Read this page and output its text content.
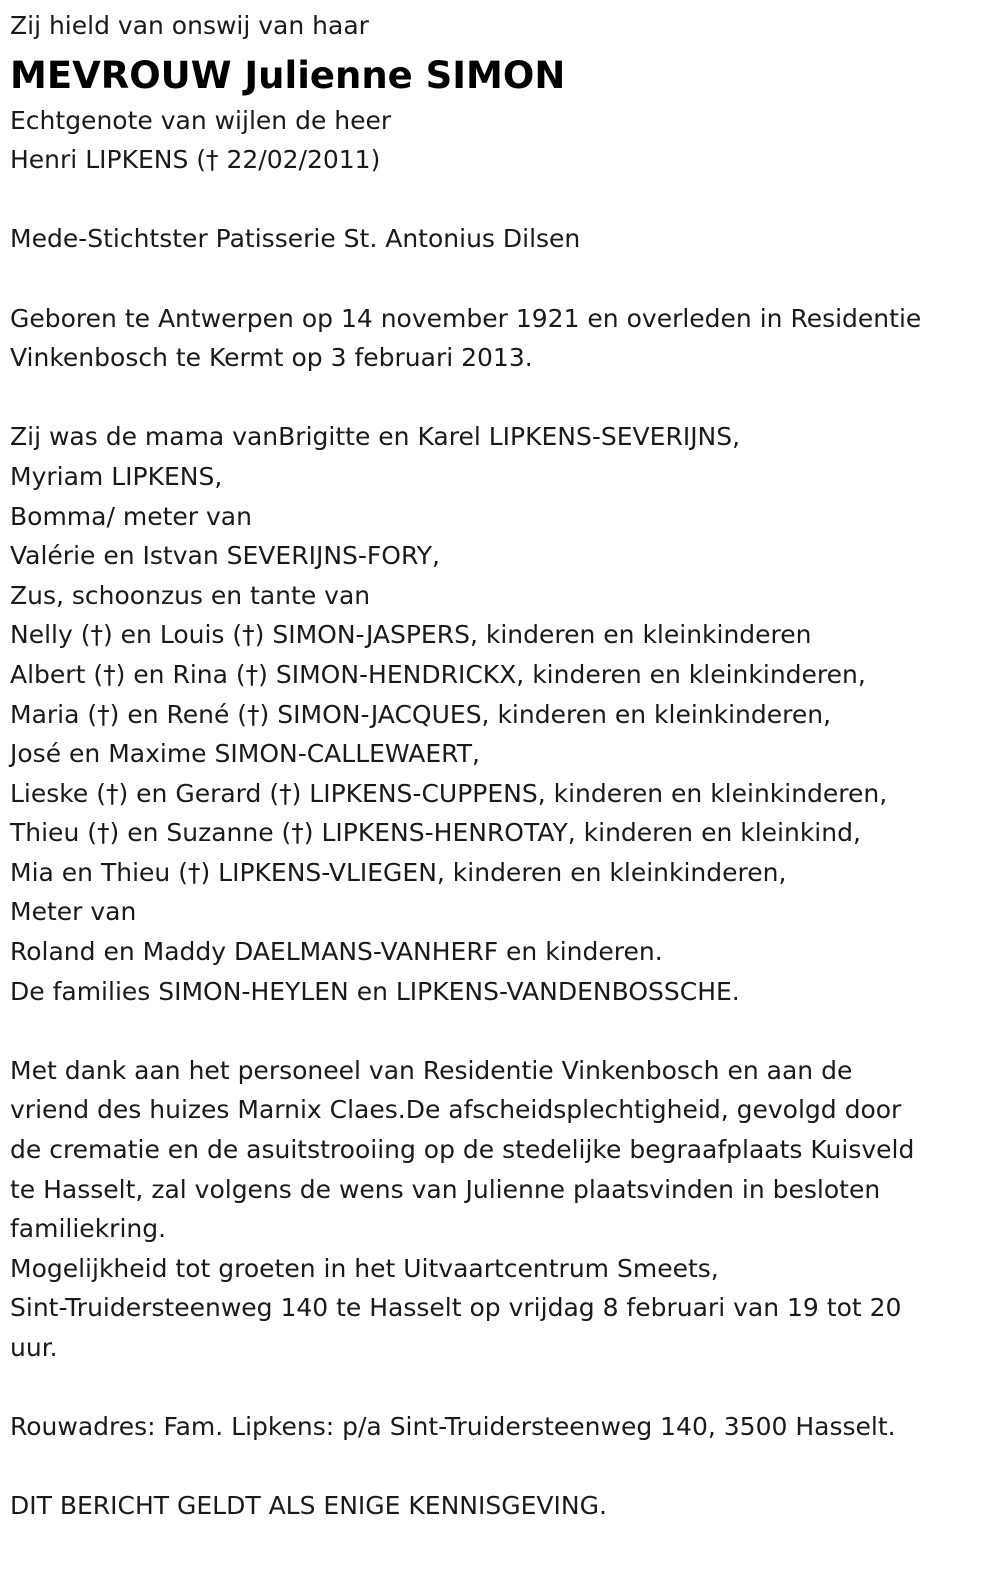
Zij hield van onswij van haar
MEVROUW Julienne SIMON
Echtgenote van wijlen de heer
Henri LIPKENS († 22/02/2011)
Mede-Stichtster Patisserie St. Antonius Dilsen
Geboren te Antwerpen op 14 november 1921 en overleden in Residentie
Vinkenbosch te Kermt op 3 februari 2013.
Zij was de mama vanBrigitte en Karel LIPKENS-SEVERIJNS,
Myriam LIPKENS,
Bomma/ meter van
Valérie en Istvan SEVERIJNS-FORY,
Zus, schoonzus en tante van
Nelly (†) en Louis (†) SIMON-JASPERS, kinderen en kleinkinderen
Albert (†) en Rina (†) SIMON-HENDRICKX, kinderen en kleinkinderen,
Maria (†) en René (†) SIMON-JACQUES, kinderen en kleinkinderen,
José en Maxime SIMON-CALLEWAERT,
Lieske (†) en Gerard (†) LIPKENS-CUPPENS, kinderen en kleinkinderen,
Thieu (†) en Suzanne (†) LIPKENS-HENROTAY, kinderen en kleinkind,
Mia en Thieu (†) LIPKENS-VLIEGEN, kinderen en kleinkinderen,
Meter van
Roland en Maddy DAELMANS-VANHERF en kinderen.
De families SIMON-HEYLEN en LIPKENS-VANDENBOSSCHE.
Met dank aan het personeel van Residentie Vinkenbosch en aan de
vriend des huizes Marnix Claes.De afscheidsplechtigheid, gevolgd door
de crematie en de asuitstrooiing op de stedelijke begraafplaats Kuisveld
te Hasselt, zal volgens de wens van Julienne plaatsvinden in besloten
familiekring.
Mogelijkheid tot groeten in het Uitvaartcentrum Smeets,
Sint-Truidersteenweg 140 te Hasselt op vrijdag 8 februari van 19 tot 20
uur.
Rouwadres: Fam. Lipkens: p/a Sint-Truidersteenweg 140, 3500 Hasselt.
DIT BERICHT GELDT ALS ENIGE KENNISGEVING.
